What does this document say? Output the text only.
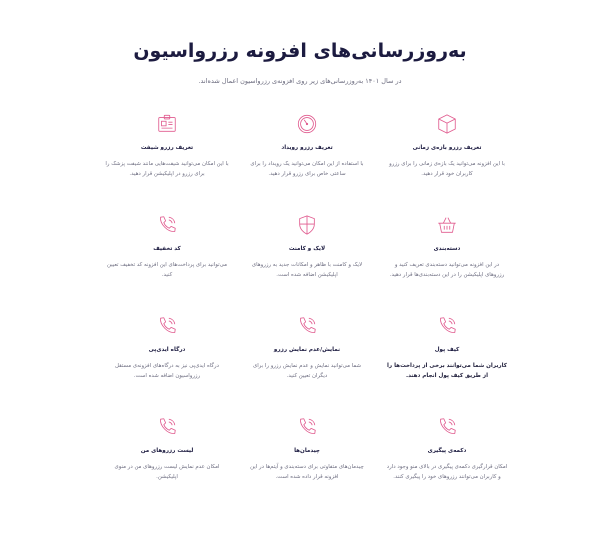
به‌روزرسانی‌های افزونه رزرواسیون

در سال ۱۴۰۱ به‌روزرسانی‌های زیر روی افزونه‌ی رزرواسیون اعمال شده‌اند.

تعریف رزرو بازه‌ی زمانی
با این افزونه می‌توانید یک بازه‌ی زمانی را برای رزرو کاربران خود قرار دهید.
تعریف رزرو رویداد
با استفاده از این امکان می‌توانید یک رویداد را برای ساعتی خاص برای رزرو قرار دهید.
تعریف رزرو شیفت
با این امکان می‌توانید شیفت‌هایی مانند شیفت پزشک را برای رزرو در اپلیکیشن قرار دهید.
دسته‌بندی
در این افزونه می‌توانید دسته‌بندی تعریف کنید و رزروهای اپلیکیشن را در این دسته‌بندی‌ها قرار دهید.
لایک و کامنت
لایک و کامنت با ظاهر و امکانات جدید به رزروهای اپلیکیشن اضافه شده است.
کد تخفیف
می‌توانید برای پرداخت‌های این افزونه کد تخفیف تعیین کنید.
کیف پول
کاربران شما می‌توانند برخی از پرداخت‌ها را از طریق کیف پول انجام دهند.
نمایش/عدم نمایش رزرو
شما می‌توانید نمایش و عدم نمایش رزرو را برای دیگران تعیین کنید.
درگاه ایدی‌پی
درگاه ایدی‌پی نیز به درگاه‌های افزونه‌ی مستقل رزرواسیون اضافه شده است.
دکمه‌ی پیگیری
امکان قرارگیری دکمه‌ی پیگیری در بالای منو وجود دارد و کاربران می‌توانند رزروهای خود را پیگیری کنند.
چیدمان‌ها
چیدمان‌های متفاوتی برای دسته‌بندی و آیتم‌ها در این افزونه قرار داده شده است.
لیست رزروهای من
امکان عدم نمایش لیست رزروهای من در منوی اپلیکیشن.
